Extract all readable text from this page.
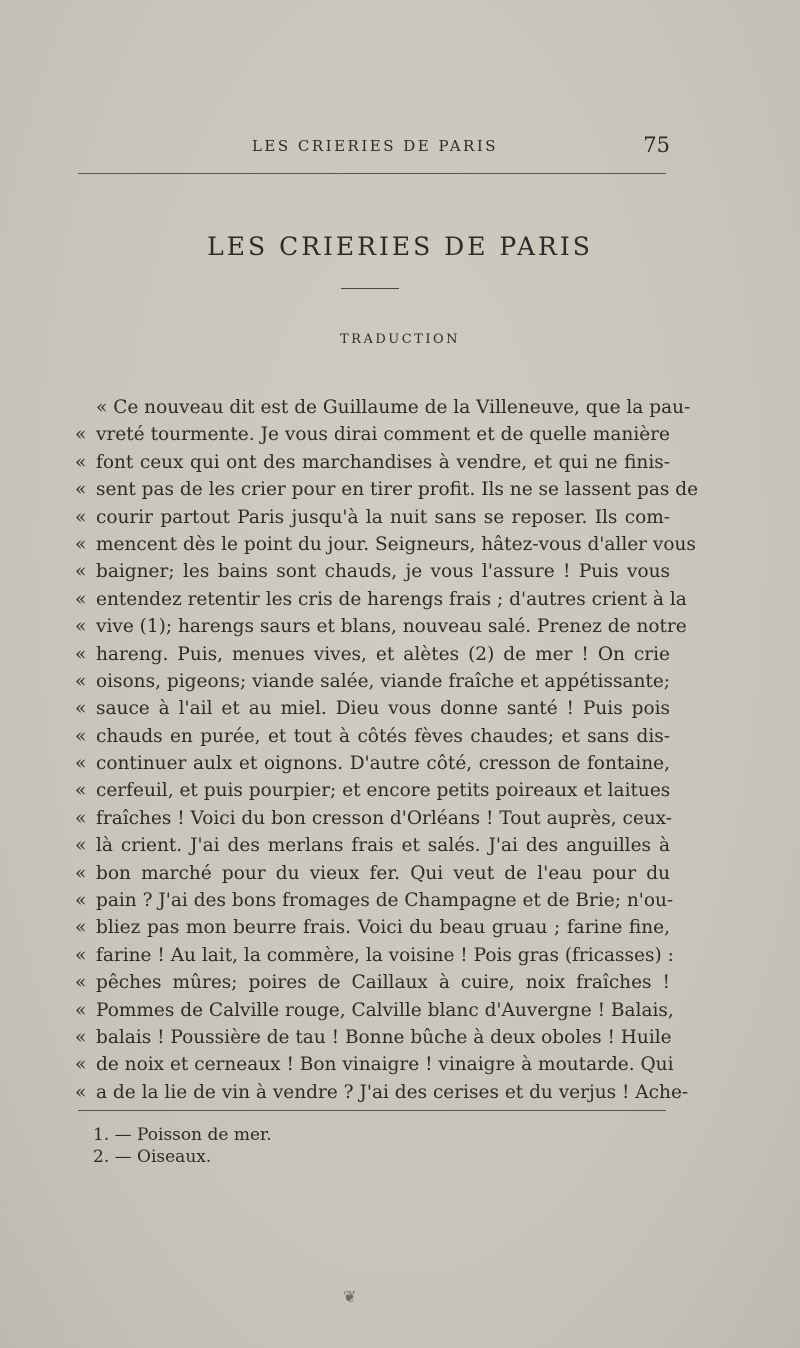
LES CRIERIES DE PARIS	75
LES CRIERIES DE PARIS
TRADUCTION
« Ce nouveau dit est de Guillaume de la Villeneuve, que la pau-
« vreté tourmente. Je vous dirai comment et de quelle manière
« font ceux qui ont des marchandises à vendre, et qui ne finis-
« sent pas de les crier pour en tirer profit. Ils ne se lassent pas de
« courir partout Paris jusqu'à la nuit sans se reposer. Ils com-
« mencent dès le point du jour. Seigneurs, hâtez-vous d'aller vous
« baigner; les bains sont chauds, je vous l'assure ! Puis vous
« entendez retentir les cris de harengs frais ; d'autres crient à la
« vive (1); harengs saurs et blans, nouveau salé. Prenez de notre
« hareng. Puis, menues vives, et alètes (2) de mer ! On crie
« oisons, pigeons; viande salée, viande fraîche et appétissante;
« sauce à l'ail et au miel. Dieu vous donne santé ! Puis pois
« chauds en purée, et tout à côtés fèves chaudes; et sans dis-
« continuer aulx et oignons. D'autre côté, cresson de fontaine,
« cerfeuil, et puis pourpier; et encore petits poireaux et laitues
« fraîches ! Voici du bon cresson d'Orléans ! Tout auprès, ceux-
« là crient. J'ai des merlans frais et salés. J'ai des anguilles à
« bon marché pour du vieux fer. Qui veut de l'eau pour du
« pain ? J'ai des bons fromages de Champagne et de Brie; n'ou-
« bliez pas mon beurre frais. Voici du beau gruau ; farine fine,
« farine ! Au lait, la commère, la voisine ! Pois gras (fricasses) :
« pêches mûres; poires de Caillaux à cuire, noix fraîches !
« Pommes de Calville rouge, Calville blanc d'Auvergne ! Balais,
« balais ! Poussière de tau ! Bonne bûche à deux oboles ! Huile
« de noix et cerneaux ! Bon vinaigre ! vinaigre à moutarde. Qui
« a de la lie de vin à vendre ? J'ai des cerises et du verjus ! Ache-
1. — Poisson de mer.
2. — Oiseaux.
❦
